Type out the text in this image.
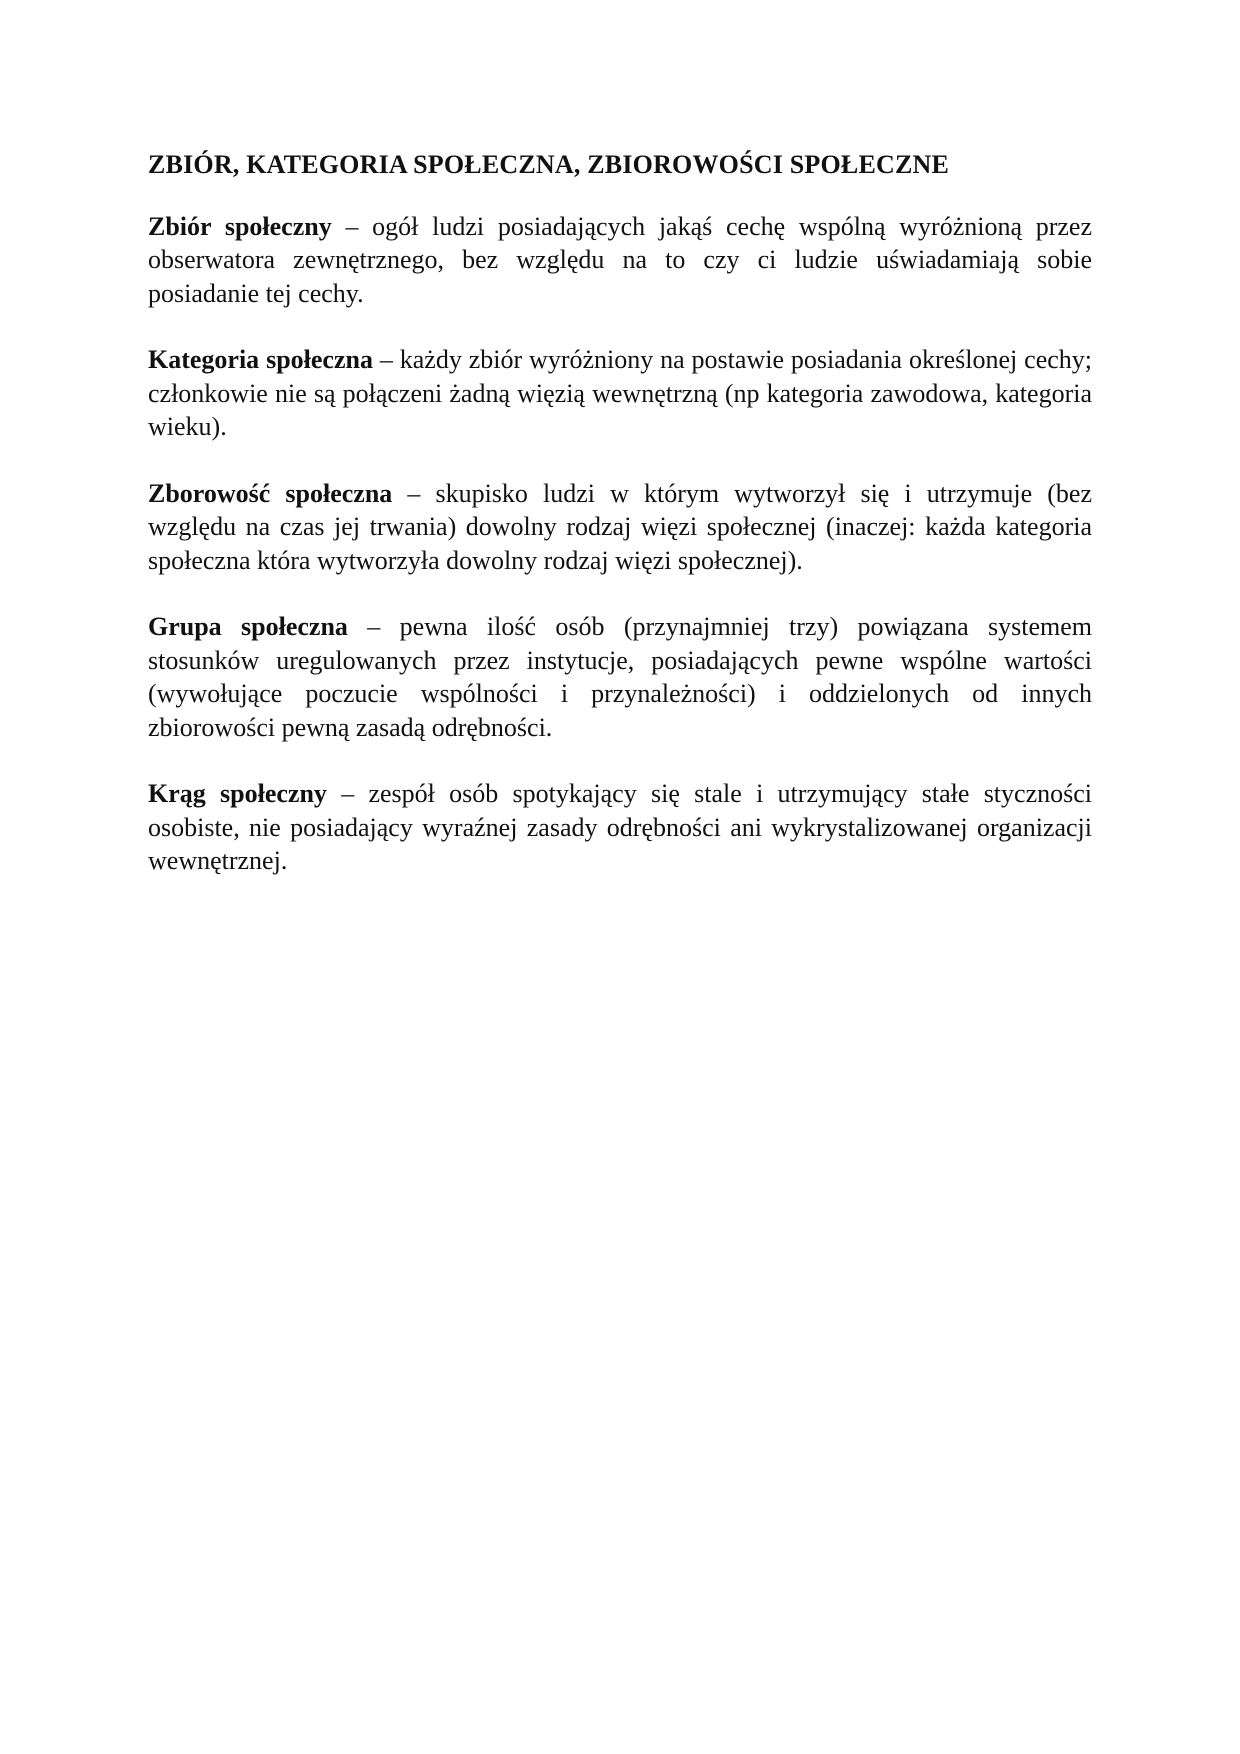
ZBIÓR, KATEGORIA SPOŁECZNA, ZBIOROWOŚCI SPOŁECZNE

Zbiór społeczny – ogół ludzi posiadających jakąś cechę wspólną wyróżnioną przez obserwatora zewnętrznego, bez względu na to czy ci ludzie uświadamiają sobie posiadanie tej cechy.

Kategoria społeczna – każdy zbiór wyróżniony na postawie posiadania określonej cechy; członkowie nie są połączeni żadną więzią wewnętrzną (np kategoria zawodowa, kategoria wieku).

Zborowość społeczna – skupisko ludzi w którym wytworzył się i utrzymuje (bez względu na czas jej trwania) dowolny rodzaj więzi społecznej (inaczej: każda kategoria społeczna która wytworzyła dowolny rodzaj więzi społecznej).

Grupa społeczna – pewna ilość osób (przynajmniej trzy) powiązana systemem stosunków uregulowanych przez instytucje, posiadających pewne wspólne wartości (wywołujące poczucie wspólności i przynależności) i oddzielonych od innych zbiorowości pewną zasadą odrębności.

Krąg społeczny – zespół osób spotykający się stale i utrzymujący stałe styczności osobiste, nie posiadający wyraźnej zasady odrębności ani wykrystalizowanej organizacji wewnętrznej.
